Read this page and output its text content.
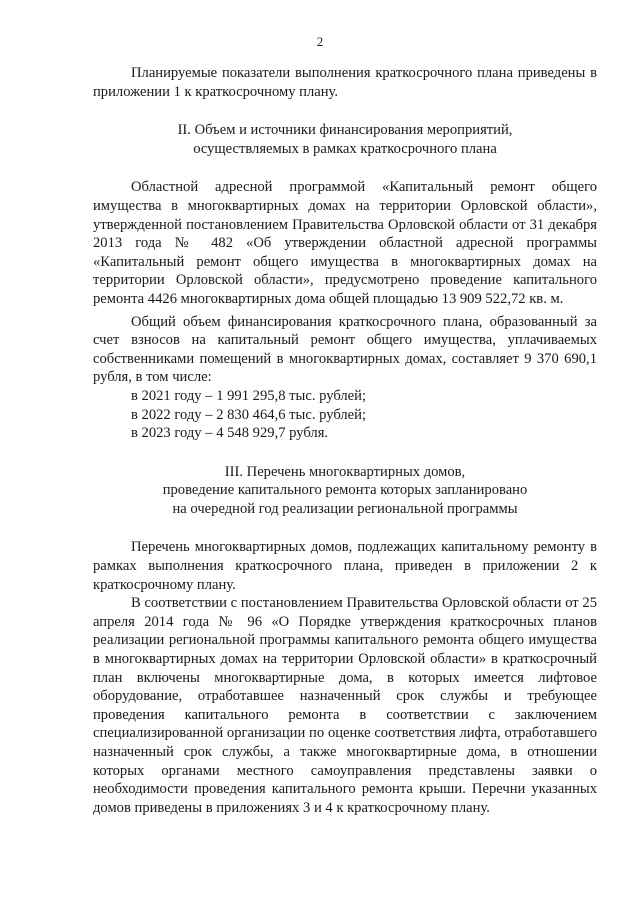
2

Планируемые показатели выполнения краткосрочного плана приведены в приложении 1 к краткосрочному плану.

II. Объем и источники финансирования мероприятий,

осуществляемых в рамках краткосрочного плана

Областной адресной программой «Капитальный ремонт общего имущества в многоквартирных домах на территории Орловской области», утвержденной постановлением Правительства Орловской области от 31 декабря 2013 года № 482 «Об утверждении областной адресной программы «Капитальный ремонт общего имущества в многоквартирных домах на территории Орловской области», предусмотрено проведение капитального ремонта 4426 многоквартирных дома общей площадью 13 909 522,72 кв. м.

Общий объем финансирования краткосрочного плана, образованный за счет взносов на капитальный ремонт общего имущества, уплачиваемых собственниками помещений в многоквартирных домах, составляет 9 370 690,1 рубля, в том числе:

в 2021 году – 1 991 295,8 тыс. рублей;

в 2022 году – 2 830 464,6 тыс. рублей;

в 2023 году – 4 548 929,7 рубля.

III. Перечень многоквартирных домов,

проведение капитального ремонта которых запланировано

на очередной год реализации региональной программы

Перечень многоквартирных домов, подлежащих капитальному ремонту в рамках выполнения краткосрочного плана, приведен в приложении 2 к краткосрочному плану.

В соответствии с постановлением Правительства Орловской области от 25 апреля 2014 года № 96 «О Порядке утверждения краткосрочных планов реализации региональной программы капитального ремонта общего имущества в многоквартирных домах на территории Орловской области» в краткосрочный план включены многоквартирные дома, в которых имеется лифтовое оборудование, отработавшее назначенный срок службы и требующее проведения капитального ремонта в соответствии с заключением специализированной организации по оценке соответствия лифта, отработавшего назначенный срок службы, а также многоквартирные дома, в отношении которых органами местного самоуправления представлены заявки о необходимости проведения капитального ремонта крыши. Перечни указанных домов приведены в приложениях 3 и 4 к краткосрочному плану.
